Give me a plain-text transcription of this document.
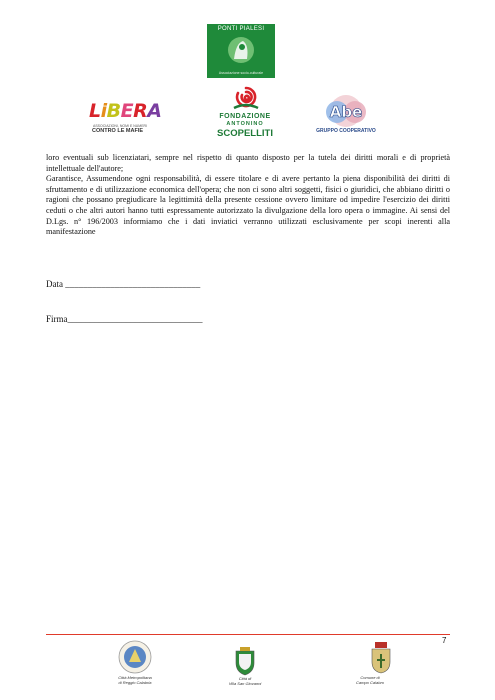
PONTI PIALESI
Associazione socio-culturale
LiBERA
ASSOCIAZIONI, NOMI E NUMERI
CONTRO LE MAFIE
FONDAZIONE
ANTONINO
SCOPELLITI
Abe
GRUPPO COOPERATIVO

loro eventuali sub licenziatari, sempre nel rispetto di quanto disposto per la tutela dei diritti morali e di proprietà intellettuale dell'autore;

Garantisce, Assumendone ogni responsabilità, di essere titolare e di avere pertanto la piena disponibilità dei diritti di sfruttamento e di utilizzazione economica dell'opera; che non ci sono altri soggetti, fisici o giuridici, che abbiano diritti o ragioni che possano pregiudicare la legittimità della presente cessione ovvero limitare od impedire l'esercizio dei diritti ceduti o che altri autori hanno tutti espressamente autorizzato la divulgazione della loro opera o immagine. Ai sensi del D.Lgs. n° 196/2003 informiamo che i dati inviatici verranno utilizzati esclusivamente per scopi inerenti alla manifestazione

Data ______________________________
Firma______________________________
7
Città Metropolitana
di Reggio Calabria
Città di
Villa San Giovanni
Comune di
Campo Calabro
